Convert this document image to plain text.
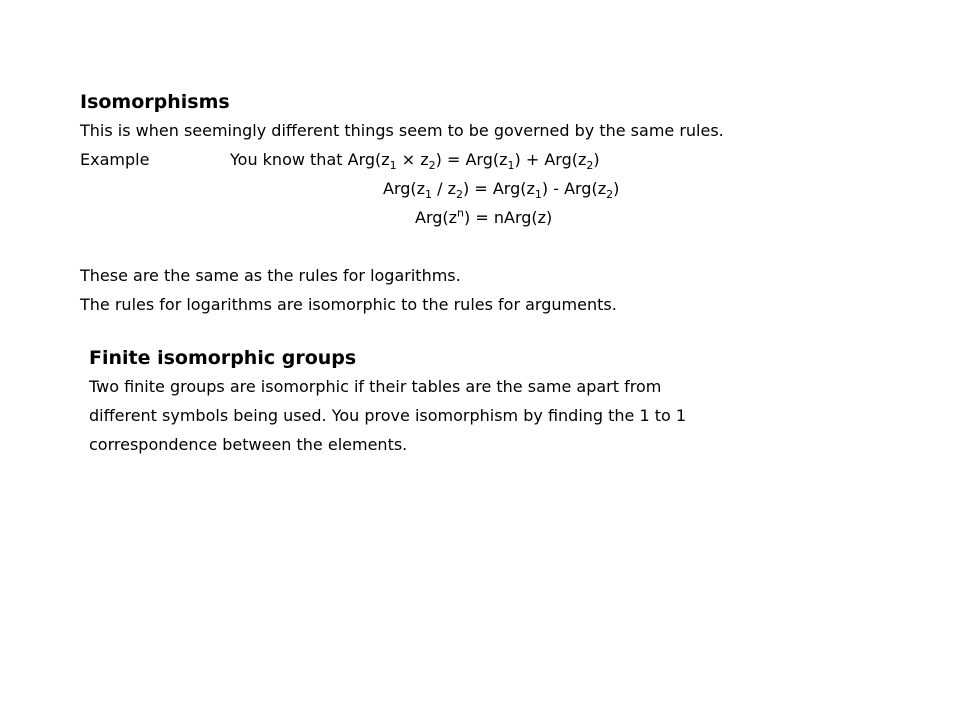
Isomorphisms
This is when seemingly different things seem to be governed by the same rules.
Example	You know that $Arg(z_1 \times z_2) = Arg(z_1) + Arg(z_2)$
$Arg(z_1 / z_2) = Arg(z_1) - Arg(z_2)$
$Arg(z^n)$ = nArg(z)
These are the same as the rules for logarithms.
The rules for logarithms are isomorphic to the rules for arguments.
Finite isomorphic groups
Two finite groups are isomorphic if their tables are the same apart from
different symbols being used. You prove isomorphism by finding the 1 to 1
correspondence between the elements.
